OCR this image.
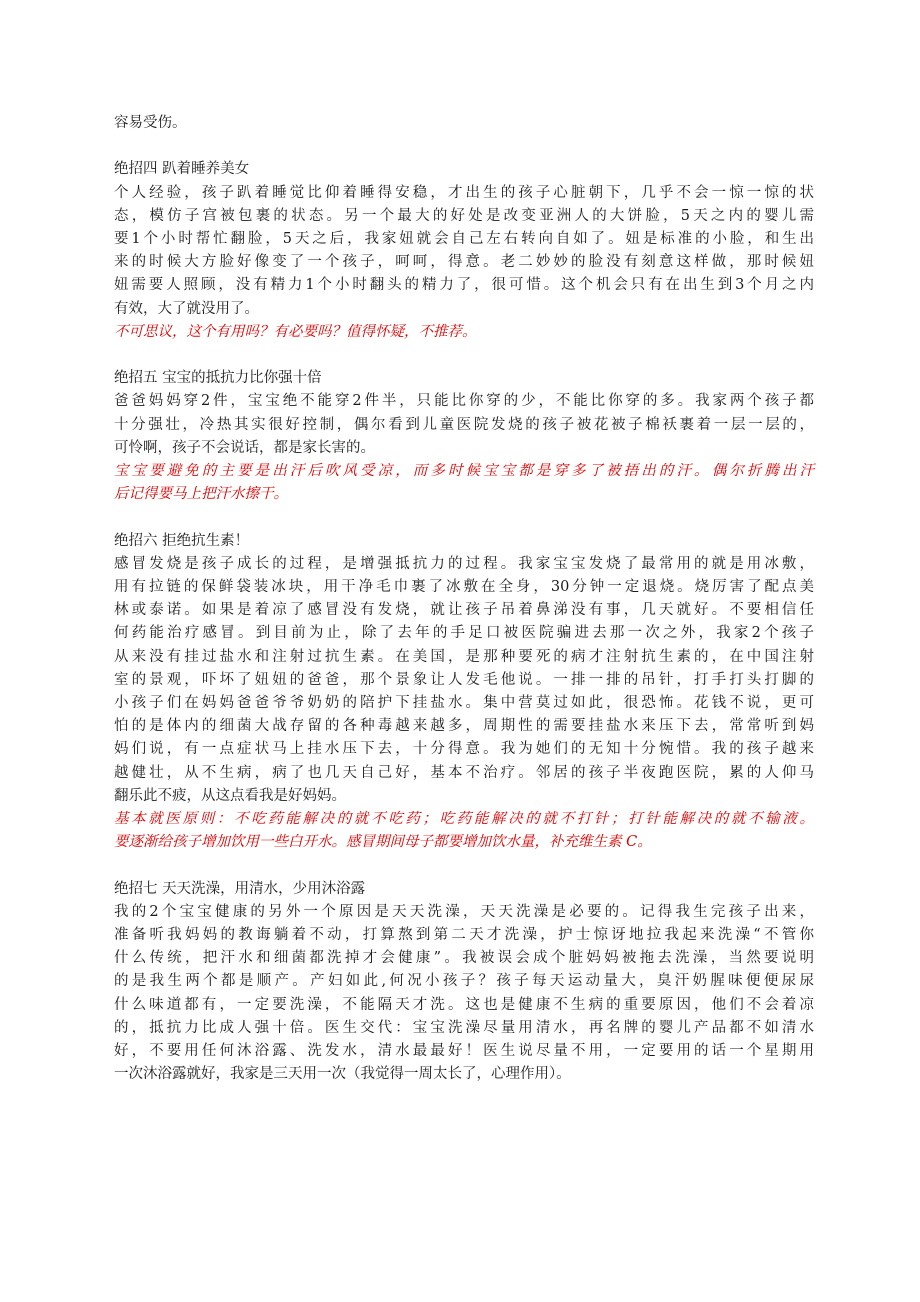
容易受伤。
绝招四 趴着睡养美女
个人经验，孩子趴着睡觉比仰着睡得安稳，才出生的孩子心脏朝下，几乎不会一惊一惊的状
态，模仿子宫被包裹的状态。另一个最大的好处是改变亚洲人的大饼脸，5天之内的婴儿需
要1个小时帮忙翻脸，5天之后，我家妞就会自己左右转向自如了。妞是标准的小脸，和生出
来的时候大方脸好像变了一个孩子，呵呵，得意。老二妙妙的脸没有刻意这样做，那时候妞
妞需要人照顾，没有精力1个小时翻头的精力了，很可惜。这个机会只有在出生到3个月之内
有效，大了就没用了。
不可思议，这个有用吗？有必要吗？值得怀疑，不推荐。
绝招五 宝宝的抵抗力比你强十倍
爸爸妈妈穿2件，宝宝绝不能穿2件半，只能比你穿的少，不能比你穿的多。我家两个孩子都
十分强壮，冷热其实很好控制，偶尔看到儿童医院发烧的孩子被花被子棉袄裹着一层一层的，
可怜啊，孩子不会说话，都是家长害的。
宝宝要避免的主要是出汗后吹风受凉，而多时候宝宝都是穿多了被捂出的汗。偶尔折腾出汗
后记得要马上把汗水擦干。
绝招六 拒绝抗生素！
感冒发烧是孩子成长的过程，是增强抵抗力的过程。我家宝宝发烧了最常用的就是用冰敷，
用有拉链的保鲜袋装冰块，用干净毛巾裹了冰敷在全身，30分钟一定退烧。烧厉害了配点美
林或泰诺。如果是着凉了感冒没有发烧，就让孩子吊着鼻涕没有事，几天就好。不要相信任
何药能治疗感冒。到目前为止，除了去年的手足口被医院骗进去那一次之外，我家2个孩子
从来没有挂过盐水和注射过抗生素。在美国，是那种要死的病才注射抗生素的，在中国注射
室的景观，吓坏了妞妞的爸爸，那个景象让人发毛他说。一排一排的吊针，打手打头打脚的
小孩子们在妈妈爸爸爷爷奶奶的陪护下挂盐水。集中营莫过如此，很恐怖。花钱不说，更可
怕的是体内的细菌大战存留的各种毒越来越多，周期性的需要挂盐水来压下去，常常听到妈
妈们说，有一点症状马上挂水压下去，十分得意。我为她们的无知十分惋惜。我的孩子越来
越健壮，从不生病，病了也几天自己好，基本不治疗。邻居的孩子半夜跑医院，累的人仰马
翻乐此不疲，从这点看我是好妈妈。
基本就医原则：不吃药能解决的就不吃药；吃药能解决的就不打针；打针能解决的就不输液。
要逐渐给孩子增加饮用一些白开水。感冒期间母子都要增加饮水量，补充维生素 C。
绝招七 天天洗澡，用清水，少用沐浴露
我的2个宝宝健康的另外一个原因是天天洗澡，天天洗澡是必要的。记得我生完孩子出来，
准备听我妈妈的教诲躺着不动，打算熬到第二天才洗澡，护士惊讶地拉我起来洗澡“不管你
什么传统，把汗水和细菌都洗掉才会健康”。我被误会成个脏妈妈被拖去洗澡，当然要说明
的是我生两个都是顺产。产妇如此,何况小孩子？孩子每天运动量大，臭汗奶腥味便便尿尿
什么味道都有，一定要洗澡，不能隔天才洗。这也是健康不生病的重要原因，他们不会着凉
的，抵抗力比成人强十倍。医生交代：宝宝洗澡尽量用清水，再名牌的婴儿产品都不如清水
好，不要用任何沐浴露、洗发水，清水最最好！医生说尽量不用，一定要用的话一个星期用
一次沐浴露就好，我家是三天用一次（我觉得一周太长了，心理作用）。
